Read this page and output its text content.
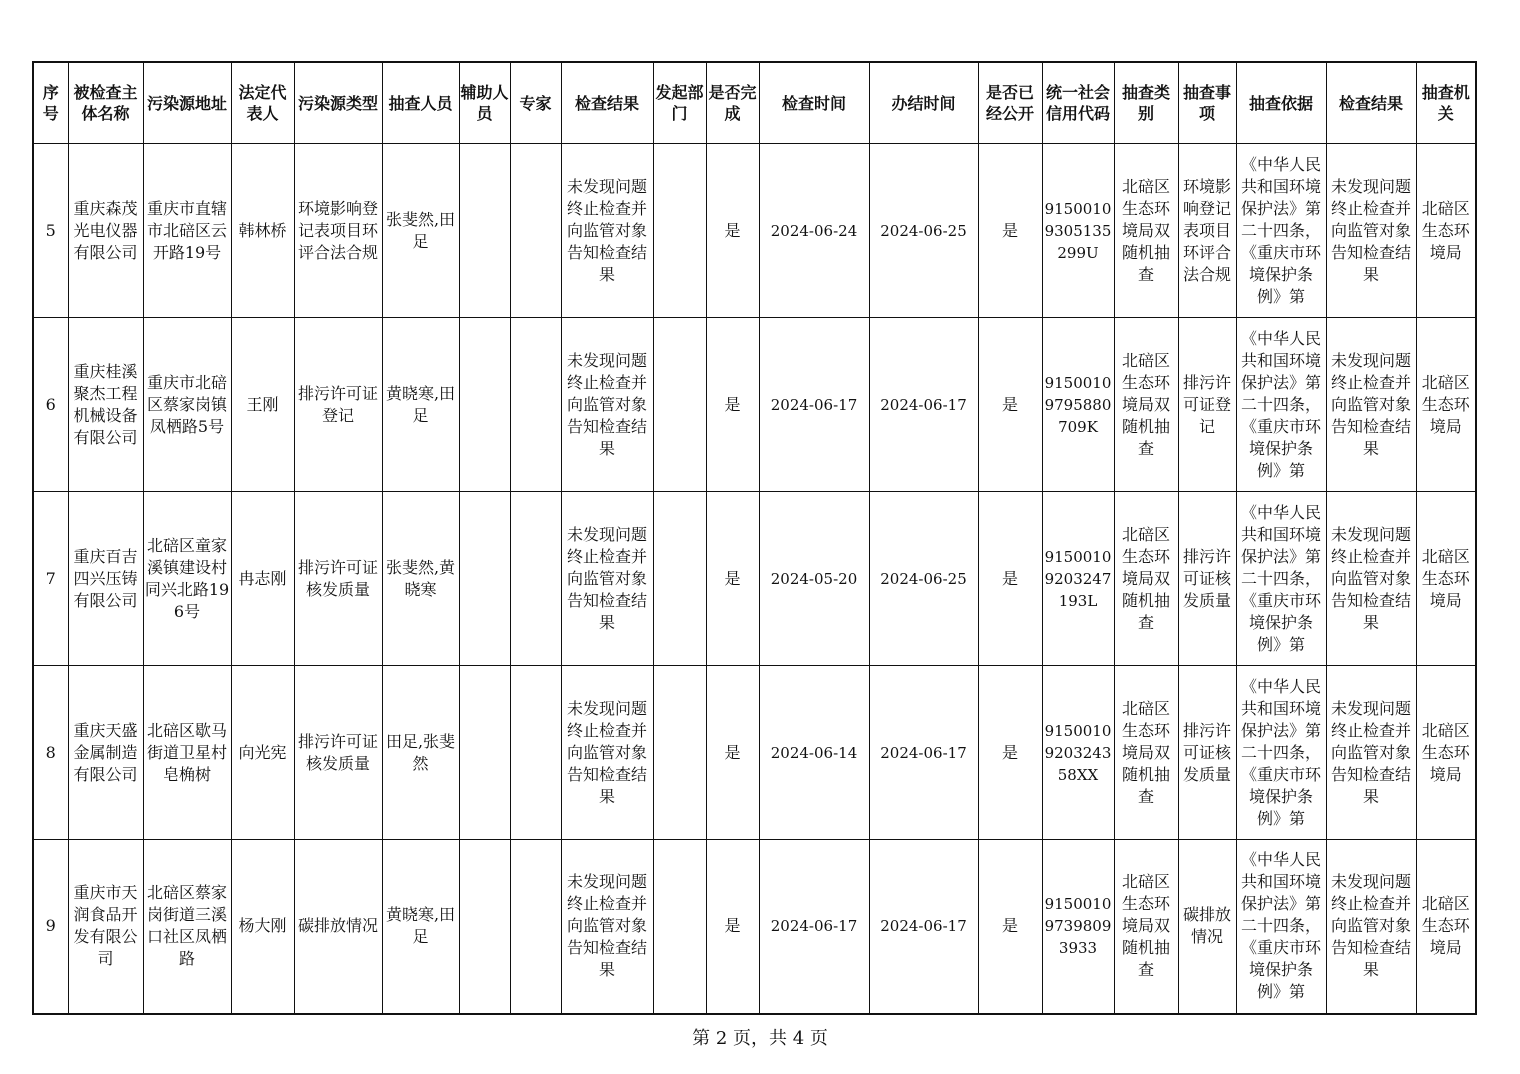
序号	被检查主体名称	污染源地址	法定代表人	污染源类型	抽查人员	辅助人员	专家	检查结果	发起部门	是否完成	检查时间	办结时间	是否已经公开	统一社会信用代码	抽查类别	抽查事项	抽查依据	检查结果	抽查机关

5	重庆森茂光电仪器有限公司	重庆市直辖市北碚区云开路19号	韩林桥	环境影响登记表项目环评合法合规	张斐然,田足			未发现问题终止检查并向监管对象告知检查结果		是	2024-06-24	2024-06-25	是	91500109305135299U	北碚区生态环境局双随机抽查	环境影响登记表项目环评合法合规	《中华人民共和国环境保护法》第二十四条，《重庆市环境保护条例》第	未发现问题终止检查并向监管对象告知检查结果	北碚区生态环境局

6	重庆桂溪聚杰工程机械设备有限公司	重庆市北碚区蔡家岗镇凤栖路5号	王刚	排污许可证登记	黄晓寒,田足			未发现问题终止检查并向监管对象告知检查结果		是	2024-06-17	2024-06-17	是	91500109795880709K	北碚区生态环境局双随机抽查	排污许可证登记	《中华人民共和国环境保护法》第二十四条，《重庆市环境保护条例》第	未发现问题终止检查并向监管对象告知检查结果	北碚区生态环境局

7	重庆百吉四兴压铸有限公司	北碚区童家溪镇建设村同兴北路196号	冉志刚	排污许可证核发质量	张斐然,黄晓寒			未发现问题终止检查并向监管对象告知检查结果		是	2024-05-20	2024-06-25	是	91500109203247193L	北碚区生态环境局双随机抽查	排污许可证核发质量	《中华人民共和国环境保护法》第二十四条，《重庆市环境保护条例》第	未发现问题终止检查并向监管对象告知检查结果	北碚区生态环境局

8	重庆天盛金属制造有限公司	北碚区歇马街道卫星村皂桷树	向光宪	排污许可证核发质量	田足,张斐然			未发现问题终止检查并向监管对象告知检查结果		是	2024-06-14	2024-06-17	是	9150010920324358XX	北碚区生态环境局双随机抽查	排污许可证核发质量	《中华人民共和国环境保护法》第二十四条，《重庆市环境保护条例》第	未发现问题终止检查并向监管对象告知检查结果	北碚区生态环境局

9	重庆市天润食品开发有限公司	北碚区蔡家岗街道三溪口社区凤栖路	杨大刚	碳排放情况	黄晓寒,田足			未发现问题终止检查并向监管对象告知检查结果		是	2024-06-17	2024-06-17	是	91500109739809 3933	北碚区生态环境局双随机抽查	碳排放情况	《中华人民共和国环境保护法》第二十四条，《重庆市环境保护条例》第	未发现问题终止检查并向监管对象告知检查结果	北碚区生态环境局
第 2 页，共 4 页
